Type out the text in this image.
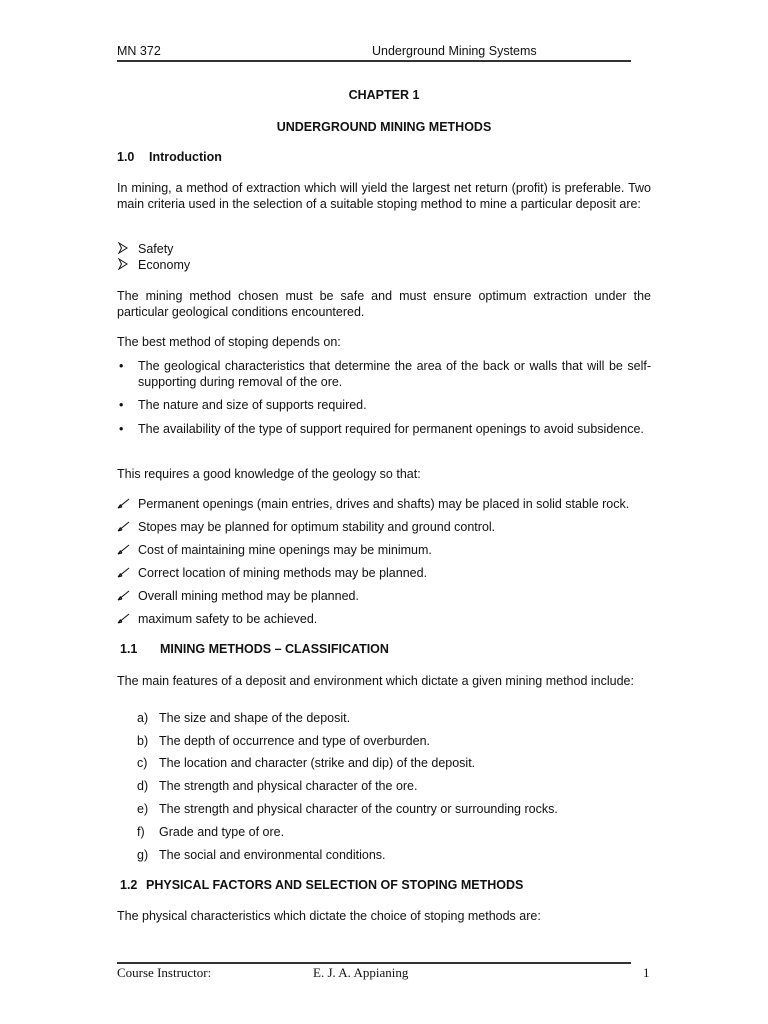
MN 372	Underground Mining Systems
CHAPTER 1
UNDERGROUND MINING METHODS
1.0 Introduction
In mining, a method of extraction which will yield the largest net return (profit) is preferable. Two main criteria used in the selection of a suitable stoping method to mine a particular deposit are:
Safety
Economy
The mining method chosen must be safe and must ensure optimum extraction under the particular geological conditions encountered.
The best method of stoping depends on:
• The geological characteristics that determine the area of the back or walls that will be self-supporting during removal of the ore.
• The nature and size of supports required.
• The availability of the type of support required for permanent openings to avoid subsidence.
This requires a good knowledge of the geology so that:
Permanent openings (main entries, drives and shafts) may be placed in solid stable rock.
Stopes may be planned for optimum stability and ground control.
Cost of maintaining mine openings may be minimum.
Correct location of mining methods may be planned.
Overall mining method may be planned.
maximum safety to be achieved.
1.1 MINING METHODS – CLASSIFICATION
The main features of a deposit and environment which dictate a given mining method include:
a) The size and shape of the deposit.
b) The depth of occurrence and type of overburden.
c) The location and character (strike and dip) of the deposit.
d) The strength and physical character of the ore.
e) The strength and physical character of the country or surrounding rocks.
f) Grade and type of ore.
g) The social and environmental conditions.
1.2 PHYSICAL FACTORS AND SELECTION OF STOPING METHODS
The physical characteristics which dictate the choice of stoping methods are:
Course Instructor:	E. J. A. Appianing	1
